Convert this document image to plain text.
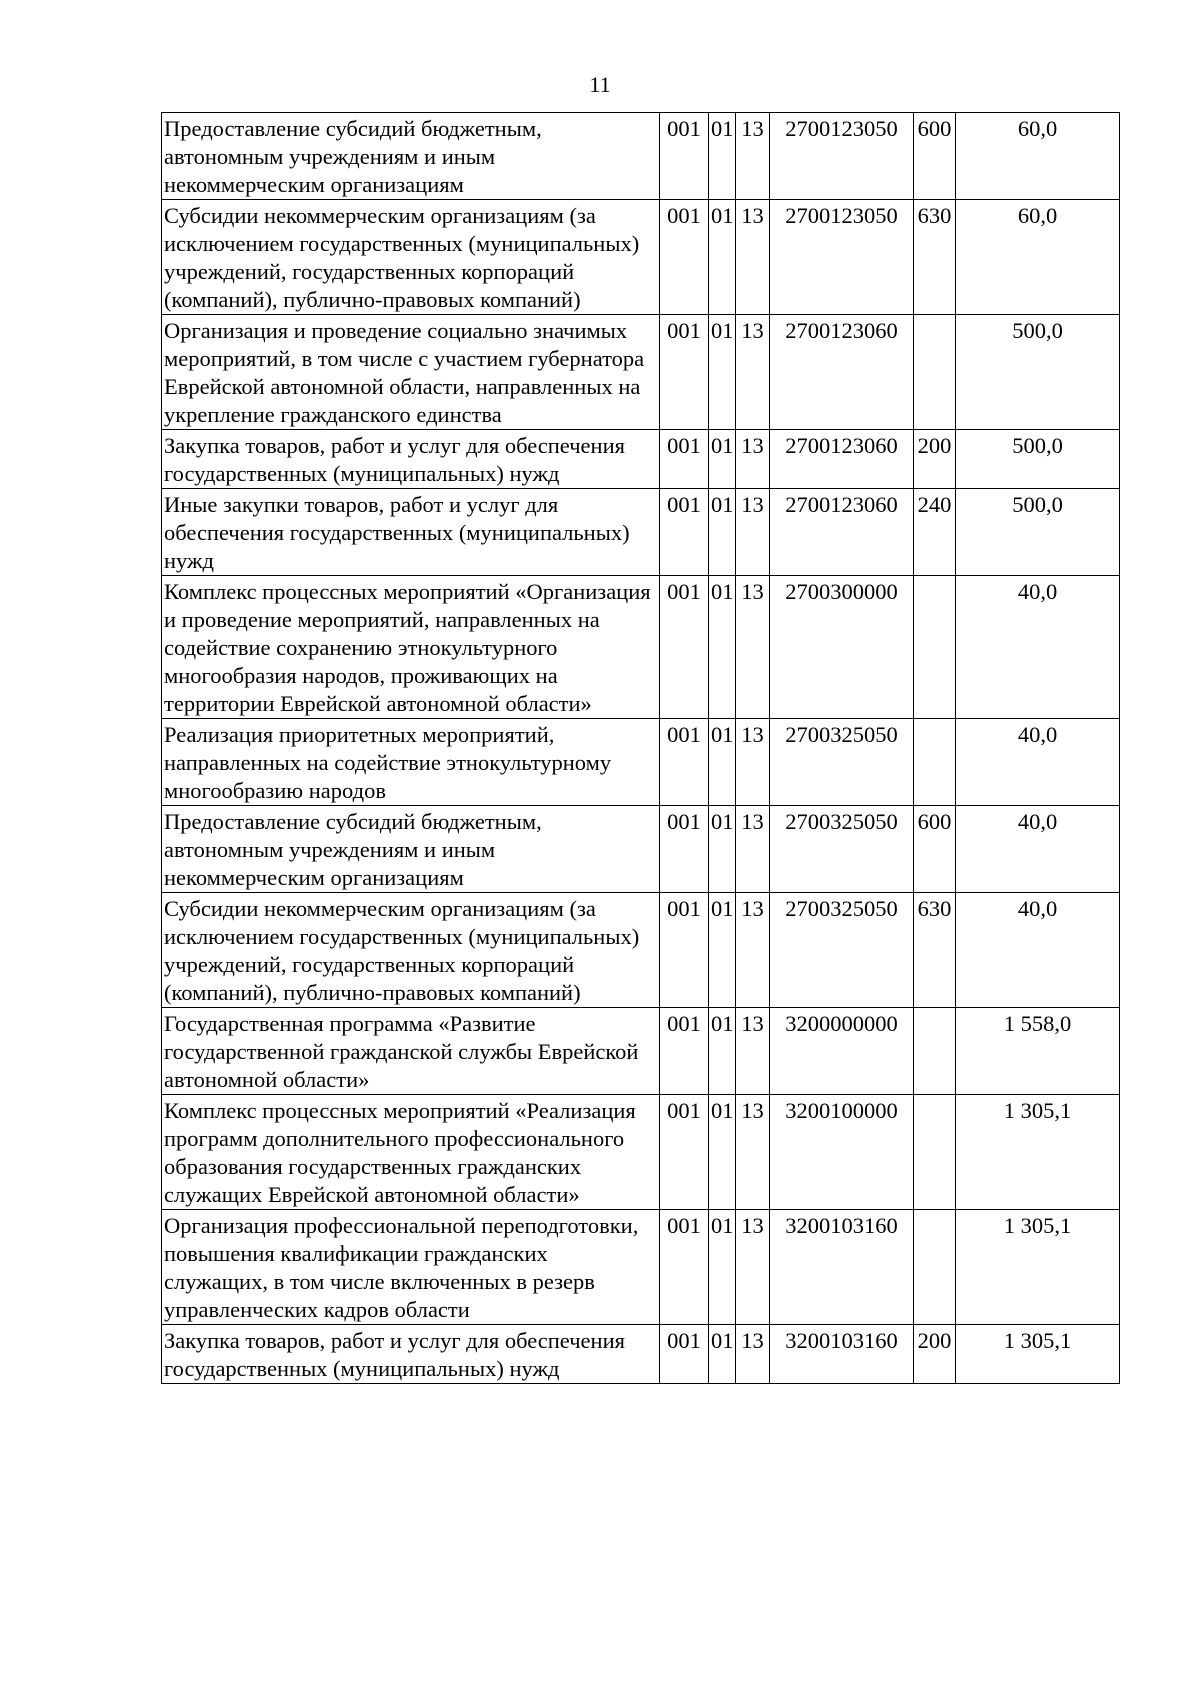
11
Предоставление субсидий бюджетным, автономным учреждениям и иным некоммерческим организациям	001	01	13	2700123050	600	60,0
Субсидии некоммерческим организациям (за исключением государственных (муниципальных) учреждений, государственных корпораций (компаний), публично-правовых компаний)	001	01	13	2700123050	630	60,0
Организация и проведение социально значимых мероприятий, в том числе с участием губернатора Еврейской автономной области, направленных на укрепление гражданского единства	001	01	13	2700123060		500,0
Закупка товаров, работ и услуг для обеспечения государственных (муниципальных) нужд	001	01	13	2700123060	200	500,0
Иные закупки товаров, работ и услуг для обеспечения государственных (муниципальных) нужд	001	01	13	2700123060	240	500,0
Комплекс процессных мероприятий «Организация и проведение мероприятий, направленных на содействие сохранению этнокультурного многообразия народов, проживающих на территории Еврейской автономной области»	001	01	13	2700300000		40,0
Реализация приоритетных мероприятий, направленных на содействие этнокультурному многообразию народов	001	01	13	2700325050		40,0
Предоставление субсидий бюджетным, автономным учреждениям и иным некоммерческим организациям	001	01	13	2700325050	600	40,0
Субсидии некоммерческим организациям (за исключением государственных (муниципальных) учреждений, государственных корпораций (компаний), публично-правовых компаний)	001	01	13	2700325050	630	40,0
Государственная программа «Развитие государственной гражданской службы Еврейской автономной области»	001	01	13	3200000000		1 558,0
Комплекс процессных мероприятий «Реализация программ дополнительного профессионального образования государственных гражданских служащих Еврейской автономной области»	001	01	13	3200100000		1 305,1
Организация профессиональной переподготовки, повышения квалификации гражданских служащих, в том числе включенных в резерв управленческих кадров области	001	01	13	3200103160		1 305,1
Закупка товаров, работ и услуг для обеспечения государственных (муниципальных) нужд	001	01	13	3200103160	200	1 305,1
